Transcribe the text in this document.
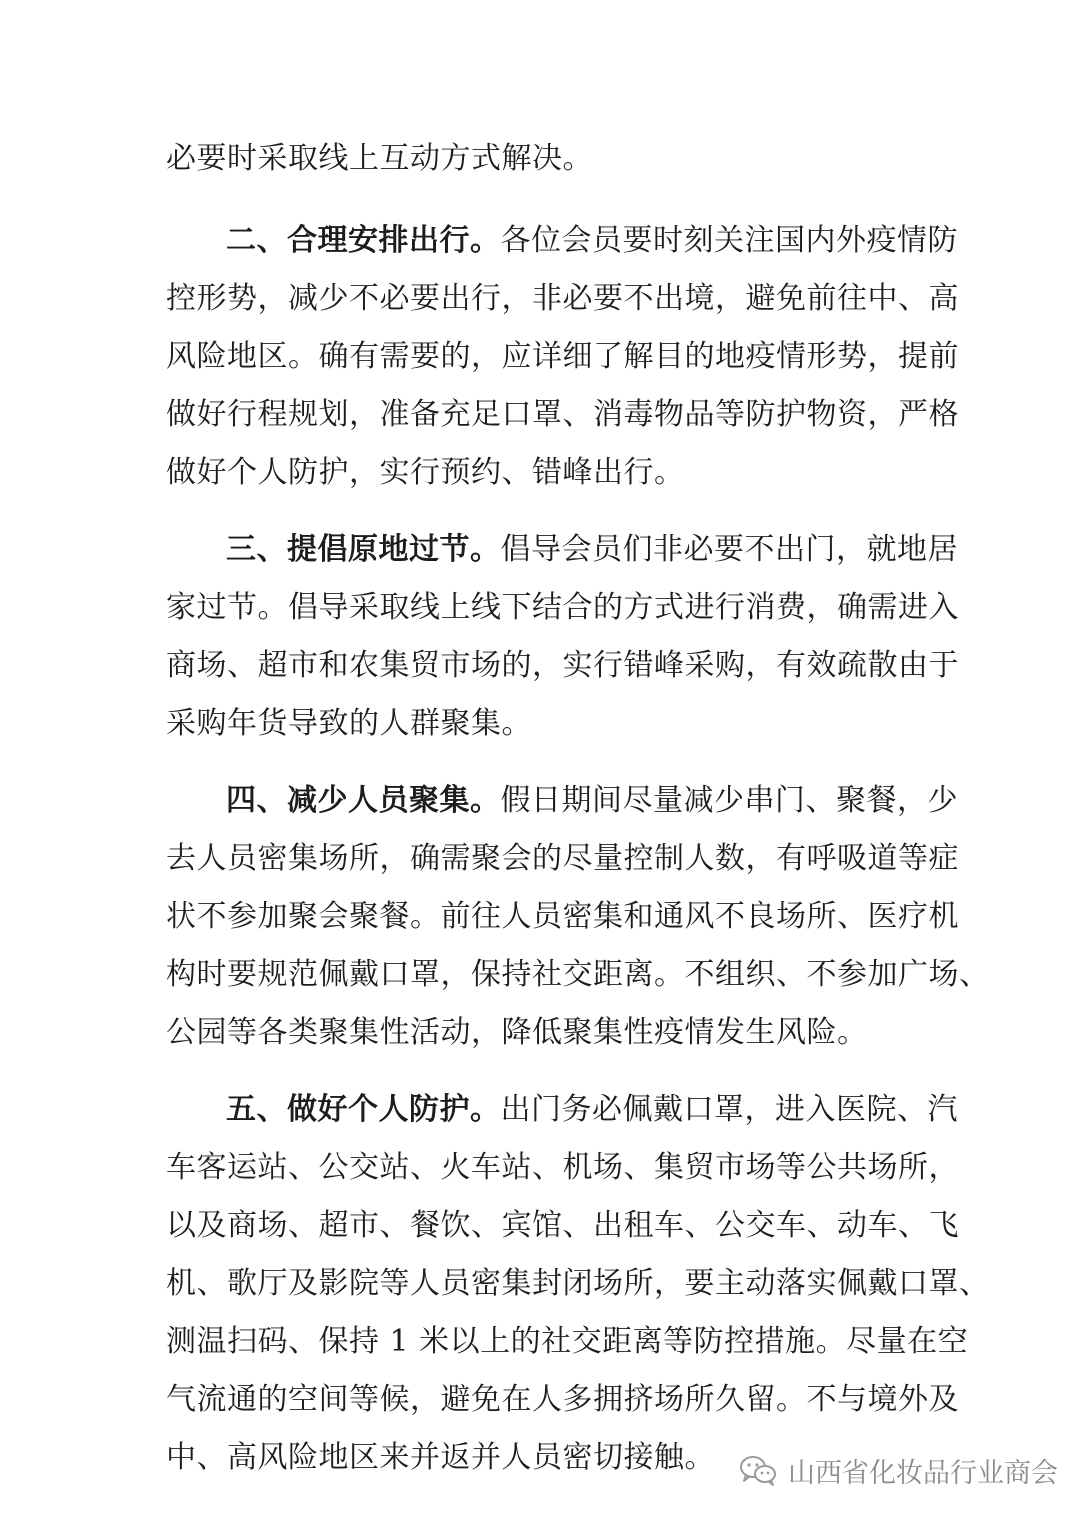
必要时采取线上互动方式解决。
二、合理安排出行。各位会员要时刻关注国内外疫情防
控形势，减少不必要出行，非必要不出境，避免前往中、高
风险地区。确有需要的，应详细了解目的地疫情形势，提前
做好行程规划，准备充足口罩、消毒物品等防护物资，严格
做好个人防护，实行预约、错峰出行。
三、提倡原地过节。倡导会员们非必要不出门，就地居
家过节。倡导采取线上线下结合的方式进行消费，确需进入
商场、超市和农集贸市场的，实行错峰采购，有效疏散由于
采购年货导致的人群聚集。
四、减少人员聚集。假日期间尽量减少串门、聚餐，少
去人员密集场所，确需聚会的尽量控制人数，有呼吸道等症
状不参加聚会聚餐。前往人员密集和通风不良场所、医疗机
构时要规范佩戴口罩，保持社交距离。不组织、不参加广场、
公园等各类聚集性活动，降低聚集性疫情发生风险。
五、做好个人防护。出门务必佩戴口罩，进入医院、汽
车客运站、公交站、火车站、机场、集贸市场等公共场所，
以及商场、超市、餐饮、宾馆、出租车、公交车、动车、飞
机、歌厅及影院等人员密集封闭场所，要主动落实佩戴口罩、
测温扫码、保持 1 米以上的社交距离等防控措施。尽量在空
气流通的空间等候，避免在人多拥挤场所久留。不与境外及
中、高风险地区来并返并人员密切接触。	山西省化妆品行业商会
